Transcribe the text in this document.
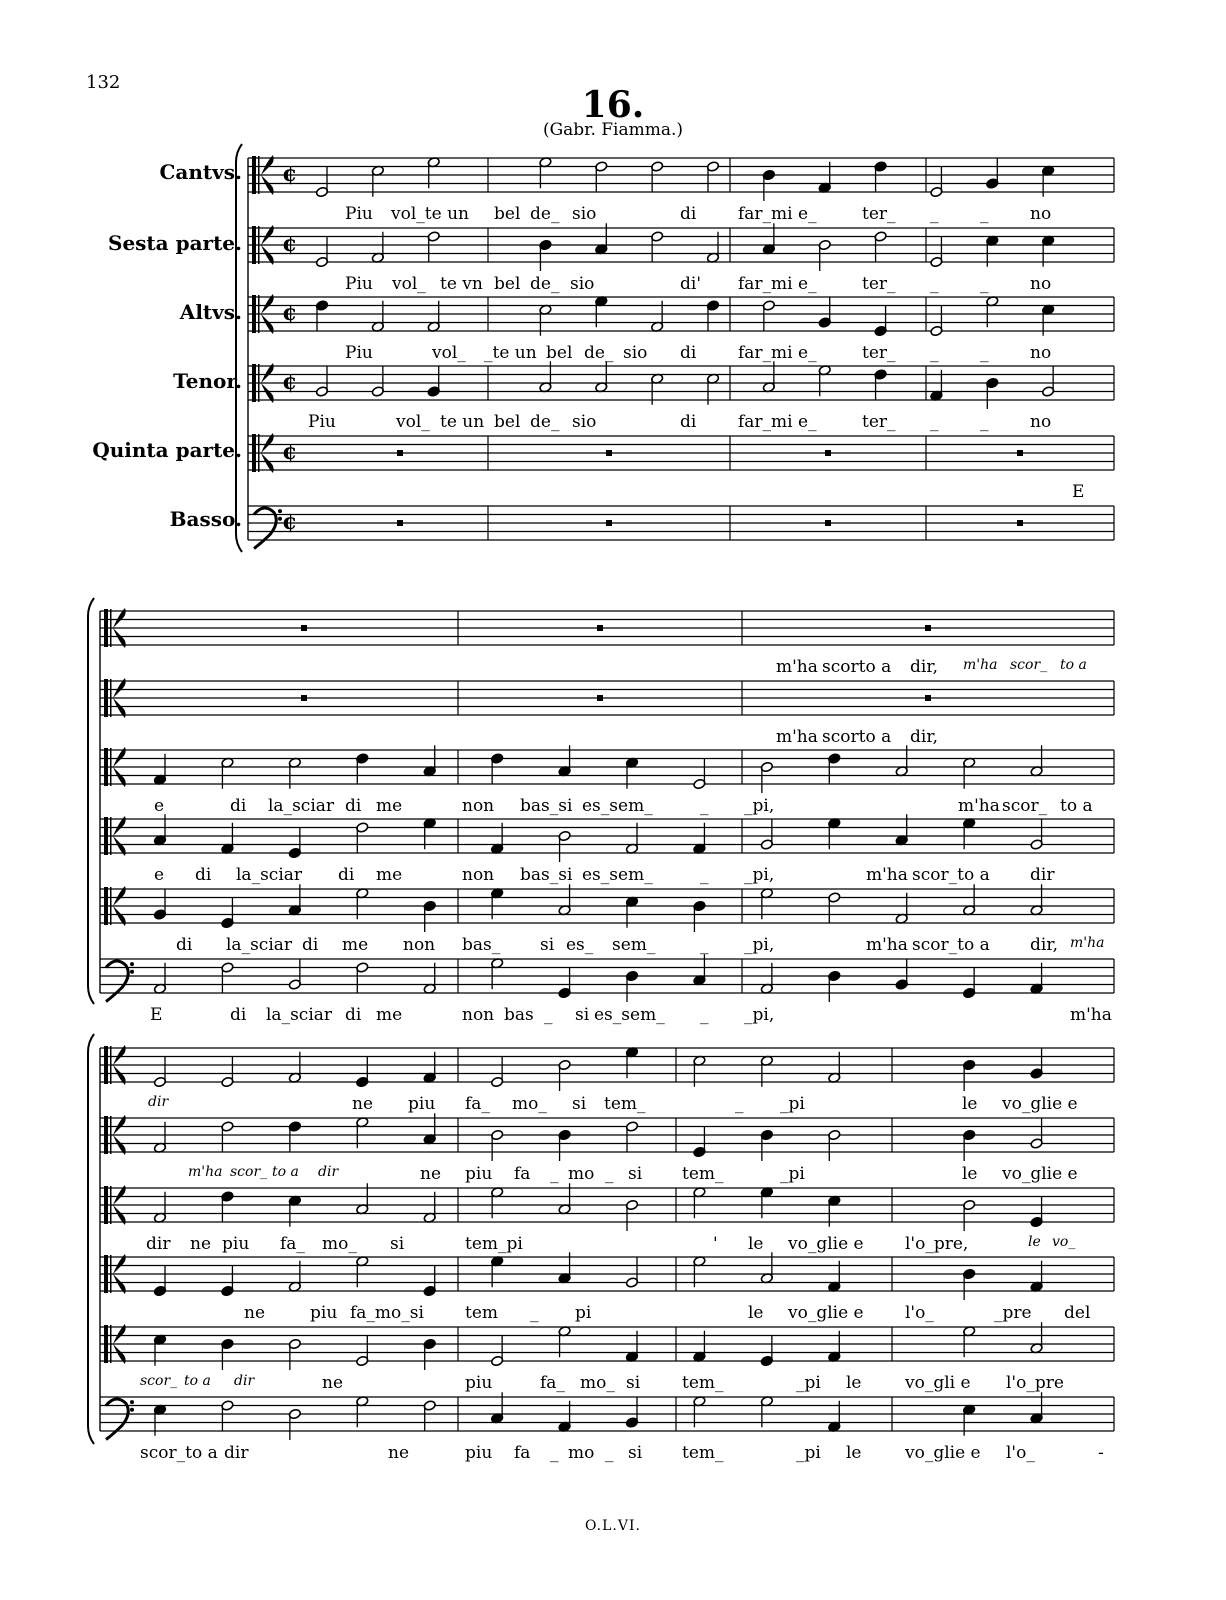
132
16.
(Gabr. Fiamma.)
Cantvs.
Sesta parte.
Altvs.
Tenor.
Quinta parte.
Basso.
¢
¢
¢
¢
¢
¢
Piu vol_te un bel de_ sio	di far_mi e_	ter_ _ _ no
Piu vol_ te vn bel de_ sio	di' far_mi e_	ter_ _ _ no
Piu	vol_ _te un bel de_ sio di far_mi e_	ter_ _ _ no
Piu	vol_ te un bel de_ sio	di far_mi e_	ter_ _ _ no
E
m'ha scorto a dir, m'ha scor_ to a
m'ha scorto a dir,
e	di la_sciar di me	non bas_si es_sem_	_ _pi,	m'ha scor_ to a
e di la_sciar di me	non bas_si es_sem_	_ _pi,	m'ha scor_to a dir
di la_sciar di me non bas_ si es_ sem_	_ _pi,	m'ha scor_to a dir, m'ha
E	di la_sciar di me	non bas _ si es_sem_ _ _pi,	m'ha
dir	ne piu fa_ mo_ si tem_	_ _pi	le vo_glie e
m'ha scor_ to a dir	ne piu fa _ mo _ si tem_	_pi	le vo_glie e
dir ne piu fa_ mo_ si	tem_pi	' le vo_glie e l'o_pre,	le vo_
ne	piu fa_mo_si tem _ pi	le vo_glie e l'o_	_pre del
scor_ to a dir	ne	piu	fa_ mo_ si tem_	_pi le	vo_gli e l'o_pre
scor_to a dir	ne	piu fa _ mo _ si tem_	_pi le	vo_glie e l'o_	-
O.L.VI.
